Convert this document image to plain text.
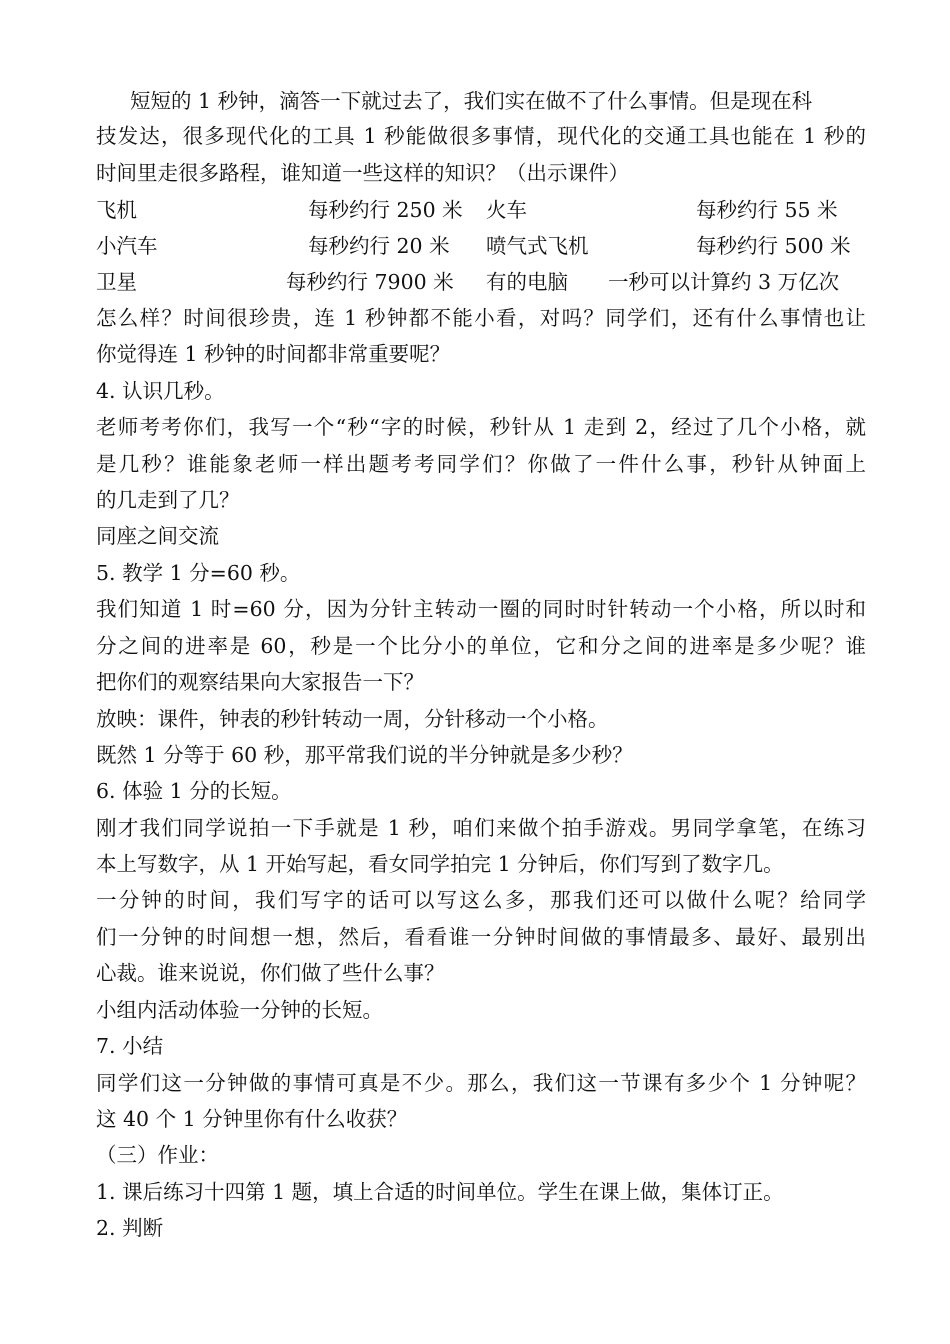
短短的 1 秒钟，滴答一下就过去了，我们实在做不了什么事情。但是现在科
技发达，很多现代化的工具 1 秒能做很多事情，现代化的交通工具也能在 1 秒的
时间里走很多路程，谁知道一些这样的知识？（出示课件）
飞机	每秒约行 250 米 火车	每秒约行 55 米
小汽车	每秒约行 20 米 喷气式飞机	每秒约行 500 米
卫星	每秒约行 7900 米 有的电脑 一秒可以计算约 3 万亿次
怎么样？时间很珍贵，连 1 秒钟都不能小看，对吗？同学们，还有什么事情也让
你觉得连 1 秒钟的时间都非常重要呢？
4. 认识几秒。
老师考考你们，我写一个“秒“字的时候，秒针从 1 走到 2，经过了几个小格，就
是几秒？谁能象老师一样出题考考同学们？你做了一件什么事，秒针从钟面上
的几走到了几？
同座之间交流
5. 教学 1 分=60 秒。
我们知道 1 时=60 分，因为分针主转动一圈的同时时针转动一个小格，所以时和
分之间的进率是 60，秒是一个比分小的单位，它和分之间的进率是多少呢？谁
把你们的观察结果向大家报告一下？
放映：课件，钟表的秒针转动一周，分针移动一个小格。
既然 1 分等于 60 秒，那平常我们说的半分钟就是多少秒？
6. 体验 1 分的长短。
刚才我们同学说拍一下手就是 1 秒，咱们来做个拍手游戏。男同学拿笔，在练习
本上写数字，从 1 开始写起，看女同学拍完 1 分钟后，你们写到了数字几。
一分钟的时间，我们写字的话可以写这么多，那我们还可以做什么呢？给同学
们一分钟的时间想一想，然后，看看谁一分钟时间做的事情最多、最好、最别出
心裁。谁来说说，你们做了些什么事？
小组内活动体验一分钟的长短。
7. 小结
同学们这一分钟做的事情可真是不少。那么，我们这一节课有多少个 1 分钟呢？
这 40 个 1 分钟里你有什么收获？
（三）作业：
1. 课后练习十四第 1 题，填上合适的时间单位。学生在课上做，集体订正。
2. 判断
